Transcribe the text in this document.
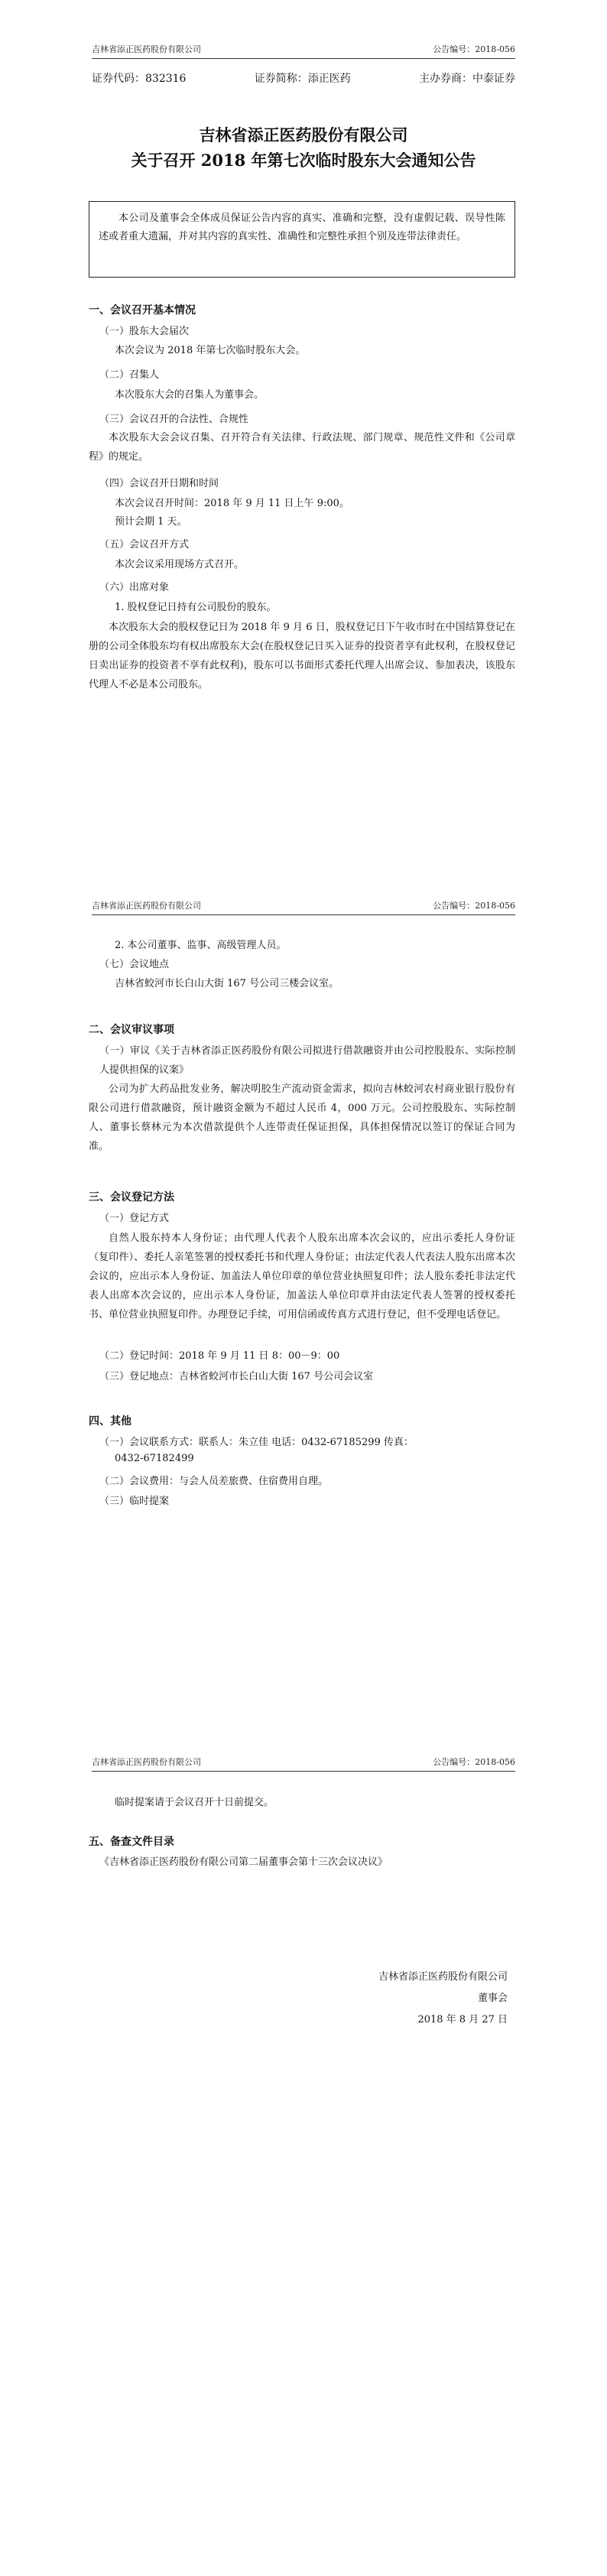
吉林省添正医药股份有限公司	公告编号：2018-056
证券代码：832316	证券简称：添正医药	主办券商：中泰证券
吉林省添正医药股份有限公司
关于召开 2018 年第七次临时股东大会通知公告
本公司及董事会全体成员保证公告内容的真实、准确和完整，没有虚假记载、误导性陈述或者重大遗漏，并对其内容的真实性、准确性和完整性承担个别及连带法律责任。
一、会议召开基本情况
（一）股东大会届次
本次会议为 2018 年第七次临时股东大会。
（二）召集人
本次股东大会的召集人为董事会。
（三）会议召开的合法性、合规性
本次股东大会会议召集、召开符合有关法律、行政法规、部门规章、规范性文件和《公司章程》的规定。
（四）会议召开日期和时间
本次会议召开时间：2018 年 9 月 11 日上午 9:00。
预计会期 1 天。
（五）会议召开方式
本次会议采用现场方式召开。
（六）出席对象
1. 股权登记日持有公司股份的股东。
本次股东大会的股权登记日为 2018 年 9 月 6 日，股权登记日下午收市时在中国结算登记在册的公司全体股东均有权出席股东大会(在股权登记日买入证券的投资者享有此权利，在股权登记日卖出证券的投资者不享有此权利)，股东可以书面形式委托代理人出席会议、参加表决，该股东代理人不必是本公司股东。
吉林省添正医药股份有限公司	公告编号：2018-056
2. 本公司董事、监事、高级管理人员。
（七）会议地点
吉林省蛟河市长白山大街 167 号公司三楼会议室。
二、会议审议事项
（一）审议《关于吉林省添正医药股份有限公司拟进行借款融资并由公司控股股东、实际控制人提供担保的议案》
公司为扩大药品批发业务，解决明胶生产流动资金需求，拟向吉林蛟河农村商业银行股份有限公司进行借款融资，预计融资金额为不超过人民币 4，000 万元。公司控股股东、实际控制人、董事长蔡林元为本次借款提供个人连带责任保证担保，具体担保情况以签订的保证合同为准。
三、会议登记方法
（一）登记方式
自然人股东持本人身份证；由代理人代表个人股东出席本次会议的，应出示委托人身份证（复印件）、委托人亲笔签署的授权委托书和代理人身份证；由法定代表人代表法人股东出席本次会议的，应出示本人身份证、加盖法人单位印章的单位营业执照复印件；法人股东委托非法定代表人出席本次会议的，应出示本人身份证，加盖法人单位印章并由法定代表人签署的授权委托书、单位营业执照复印件。办理登记手续，可用信函或传真方式进行登记，但不受理电话登记。
（二）登记时间：2018 年 9 月 11 日 8：00－9：00
（三）登记地点：吉林省蛟河市长白山大街 167 号公司会议室
四、其他
（一）会议联系方式：联系人：朱立佳 电话：0432-67185299 传真：
0432-67182499
（二）会议费用：与会人员差旅费、住宿费用自理。
（三）临时提案
吉林省添正医药股份有限公司	公告编号：2018-056
临时提案请于会议召开十日前提交。
五、备查文件目录
《吉林省添正医药股份有限公司第二届董事会第十三次会议决议》
吉林省添正医药股份有限公司
董事会
2018 年 8 月 27 日
